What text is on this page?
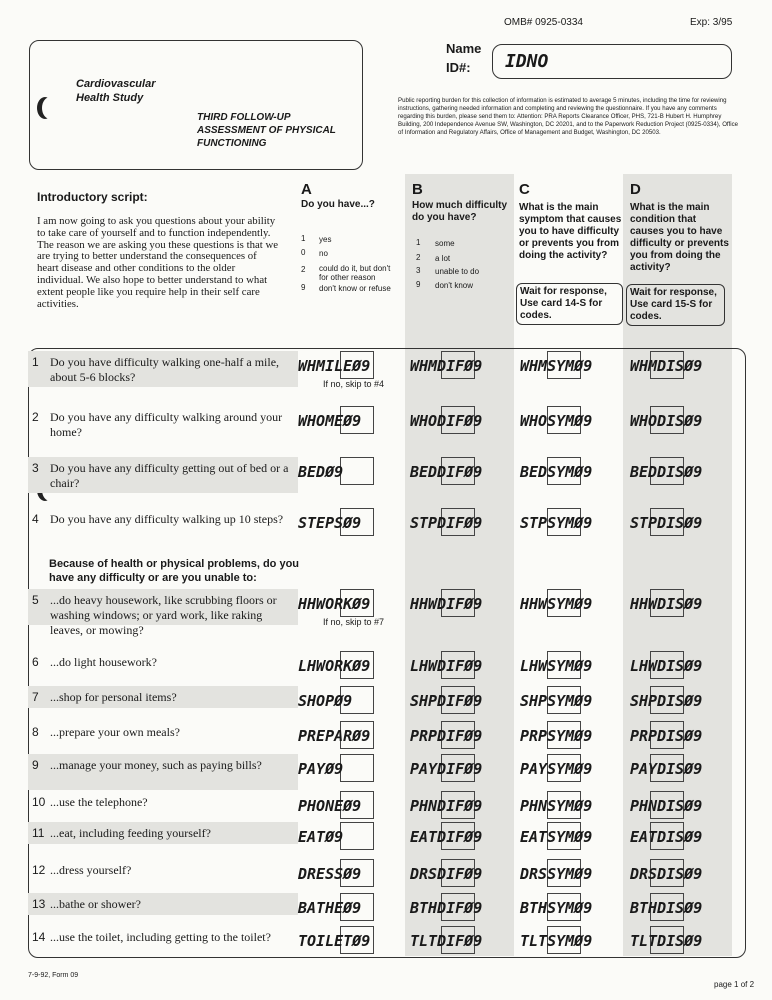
OMB# 0925-0334	Exp: 3/95
Cardiovascular Health Study
THIRD FOLLOW-UP ASSESSMENT OF PHYSICAL FUNCTIONING
Name
ID#: IDNO
Public reporting burden for this collection of information is estimated to average 5 minutes, including the time for reviewing instructions, gathering needed information and completing and reviewing the questionnaire. If you have any comments regarding this burden, please send them to: Attention: PRA Reports Clearance Officer, PHS, 721-B Hubert H. Humphrey Building, 200 Independence Avenue SW, Washington, DC 20201, and to the Paperwork Reduction Project (0925-0334), Office of Information and Regulatory Affairs, Office of Management and Budget, Washington, DC 20503.
Introductory script:
I am now going to ask you questions about your ability to take care of yourself and to function independently. The reason we are asking you these questions is that we are trying to better understand the consequences of heart disease and other conditions to the older individual. We also hope to better understand to what extent people like you require help in their self care activities.
A
Do you have...?
1 yes
0 no
2 could do it, but don't for other reason
9 don't know or refuse
B
How much difficulty do you have?
1 some
2 a lot
3 unable to do
9 don't know
C
What is the main symptom that causes you to have difficulty or prevents you from doing the activity?
Wait for response, Use card 14-S for codes.
D
What is the main condition that causes you to have difficulty or prevents you from doing the activity?
Wait for response, Use card 15-S for codes.
Because of health or physical problems, do you have any difficulty or are you unable to:
1 Do you have difficulty walking one-half a mile, about 5-6 blocks?
WHMILEØ9	WHMDIFØ9	WHMSYMØ9	WHMDISØ9
If no, skip to #4
2 Do you have any difficulty walking around your home?
WHOMEØ9	WHODIFØ9	WHOSYMØ9	WHODISØ9
3 Do you have any difficulty getting out of bed or a chair?
BEDØ9	BEDDIFØ9	BEDSYMØ9	BEDDISØ9
4 Do you have any difficulty walking up 10 steps? STEPSØ9	STPDIFØ9	STPSYMØ9	STPDISØ9
5 ...do heavy housework, like scrubbing floors or washing windows; or yard work, like raking leaves, or mowing?
HHWORKØ9	HHWDIFØ9	HHWSYMØ9	HHWDISØ9
If no, skip to #7
6 ...do light housework?	LHWORKØ9	LHWDIFØ9	LHWSYMØ9	LHWDISØ9
7 ...shop for personal items?	SHOPØ9	SHPDIFØ9	SHPSYMØ9	SHPDISØ9
8 ...prepare your own meals?	PREPARØ9	PRPDIFØ9	PRPSYMØ9	PRPDISØ9
9 ...manage your money, such as paying bills?	PAYØ9	PAYDIFØ9	PAYSYMØ9	PAYDISØ9
10 ...use the telephone?	PHONEØ9	PHNDIFØ9	PHNSYMØ9	PHNDISØ9
11 ...eat, including feeding yourself?	EATØ9	EATDIFØ9	EATSYMØ9	EATDISØ9
12 ...dress yourself?	DRESSØ9	DRSDIFØ9	DRSSYMØ9	DRSDISØ9
13 ...bathe or shower?	BATHEØ9	BTHDIFØ9	BTHSYMØ9	BTHDISØ9
14 ...use the toilet, including getting to the toilet?	TOILETØ9	TLTDIFØ9	TLTSYMØ9	TLTDISØ9
7-9-92, Form 09
page 1 of 2
